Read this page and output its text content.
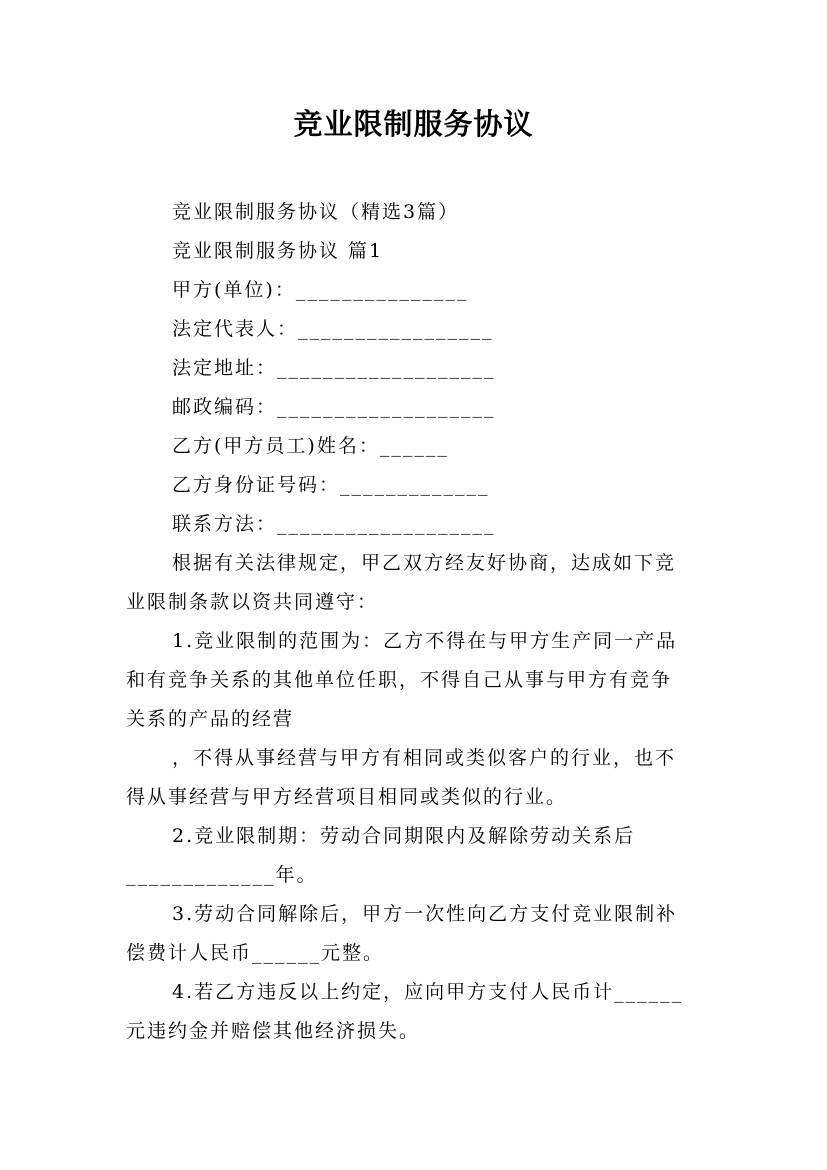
竞业限制服务协议
竞业限制服务协议（精选3篇）
竞业限制服务协议 篇1
甲方(单位)：_______________
法定代表人：_________________
法定地址：___________________
邮政编码：___________________
乙方(甲方员工)姓名：______
乙方身份证号码：_____________
联系方法：___________________
根据有关法律规定，甲乙双方经友好协商，达成如下竞
业限制条款以资共同遵守：
1.竞业限制的范围为：乙方不得在与甲方生产同一产品
和有竞争关系的其他单位任职，不得自己从事与甲方有竞争
关系的产品的经营
，不得从事经营与甲方有相同或类似客户的行业，也不
得从事经营与甲方经营项目相同或类似的行业。
2.竞业限制期：劳动合同期限内及解除劳动关系后
_____________年。
3.劳动合同解除后，甲方一次性向乙方支付竞业限制补
偿费计人民币______元整。
4.若乙方违反以上约定，应向甲方支付人民币计______
元违约金并赔偿其他经济损失。
